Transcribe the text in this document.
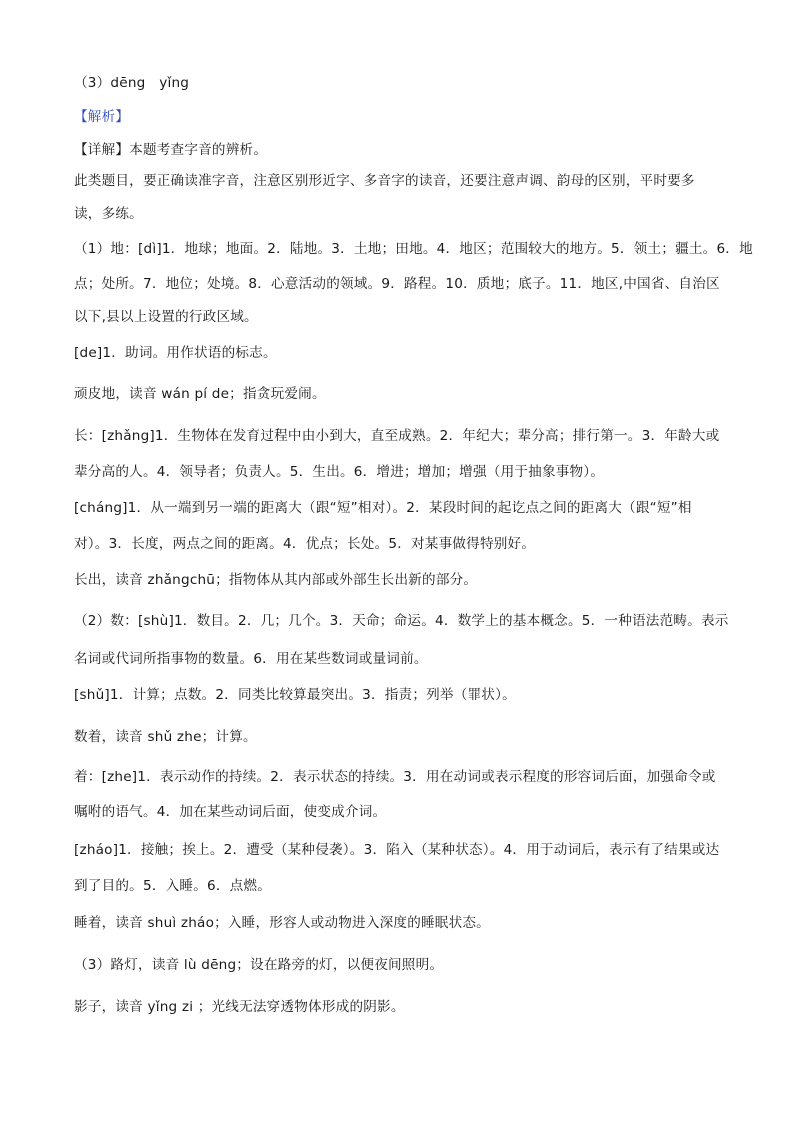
（3）dēng　yǐng
【解析】
【详解】本题考查字音的辨析。
此类题目，要正确读准字音，注意区别形近字、多音字的读音，还要注意声调、韵母的区别，平时要多
读，多练。
（1）地：[dì]1．地球；地面。2．陆地。3．土地；田地。4．地区；范围较大的地方。5．领土；疆土。6．地
点；处所。7．地位；处境。8．心意活动的领域。9．路程。10．质地；底子。11．地区,中国省、自治区
以下,县以上设置的行政区域。
[de]1．助词。用作状语的标志。
顽皮地，读音 wán pí de；指贪玩爱闹。
长：[zhǎng]1．生物体在发育过程中由小到大，直至成熟。2．年纪大；辈分高；排行第一。3．年龄大或
辈分高的人。4．领导者；负责人。5．生出。6．增进；增加；增强（用于抽象事物）。
[cháng]1．从一端到另一端的距离大（跟“短”相对）。2．某段时间的起讫点之间的距离大（跟“短”相
对）。3．长度，两点之间的距离。4．优点；长处。5．对某事做得特别好。
长出，读音 zhǎngchū；指物体从其内部或外部生长出新的部分。
（2）数：[shù]1．数目。2．几；几个。3．天命；命运。4．数学上的基本概念。5．一种语法范畴。表示
名词或代词所指事物的数量。6．用在某些数词或量词前。
[shǔ]1．计算；点数。2．同类比较算最突出。3．指责；列举（罪状）。
数着，读音 shǔ zhe；计算。
着：[zhe]1．表示动作的持续。2．表示状态的持续。3．用在动词或表示程度的形容词后面，加强命令或
嘱咐的语气。4．加在某些动词后面，使变成介词。
[zháo]1．接触；挨上。2．遭受（某种侵袭）。3．陷入（某种状态）。4．用于动词后，表示有了结果或达
到了目的。5．入睡。6．点燃。
睡着，读音 shuì zháo；入睡，形容人或动物进入深度的睡眠状态。
（3）路灯，读音 lù dēng；设在路旁的灯，以便夜间照明。
影子，读音 yǐng zi ；光线无法穿透物体形成的阴影。
